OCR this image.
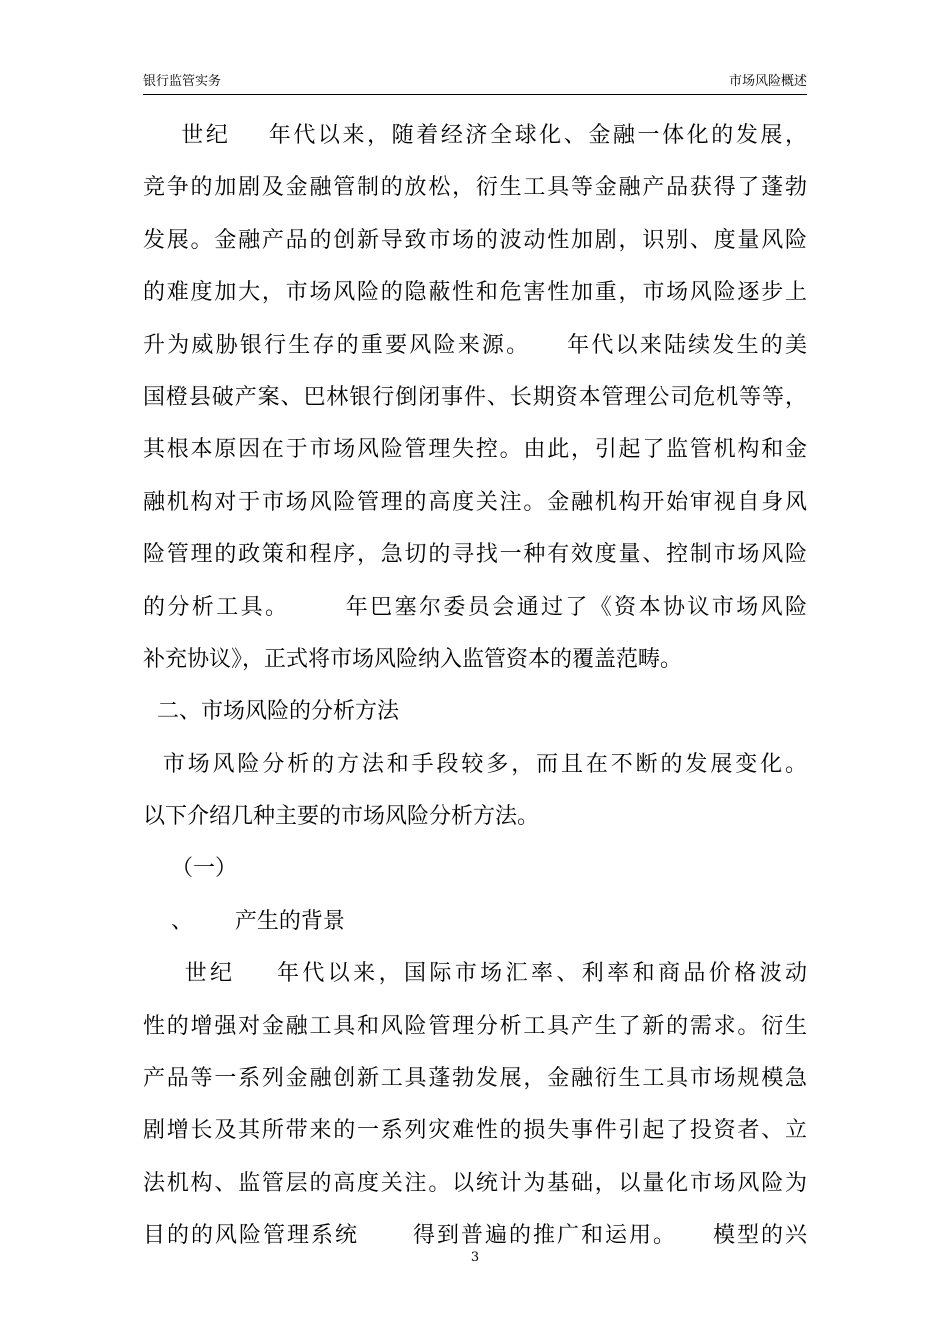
银行监管实务	市场风险概述
世纪    年代以来，随着经济全球化、金融一体化的发展，
竞争的加剧及金融管制的放松，衍生工具等金融产品获得了蓬勃
发展。金融产品的创新导致市场的波动性加剧，识别、度量风险
的难度加大，市场风险的隐蔽性和危害性加重，市场风险逐步上
升为威胁银行生存的重要风险来源。    年代以来陆续发生的美
国橙县破产案、巴林银行倒闭事件、长期资本管理公司危机等等，
其根本原因在于市场风险管理失控。由此，引起了监管机构和金
融机构对于市场风险管理的高度关注。金融机构开始审视自身风
险管理的政策和程序，急切的寻找一种有效度量、控制市场风险
的分析工具。      年巴塞尔委员会通过了《资本协议市场风险
补充协议》，正式将市场风险纳入监管资本的覆盖范畴。
二、市场风险的分析方法
市场风险分析的方法和手段较多，而且在不断的发展变化。
以下介绍几种主要的市场风险分析方法。
（一）
、      产生的背景
世纪    年代以来，国际市场汇率、利率和商品价格波动
性的增强对金融工具和风险管理分析工具产生了新的需求。衍生
产品等一系列金融创新工具蓬勃发展，金融衍生工具市场规模急
剧增长及其所带来的一系列灾难性的损失事件引起了投资者、立
法机构、监管层的高度关注。以统计为基础，以量化市场风险为
目的的风险管理系统      得到普遍的推广和运用。    模型的兴
3
